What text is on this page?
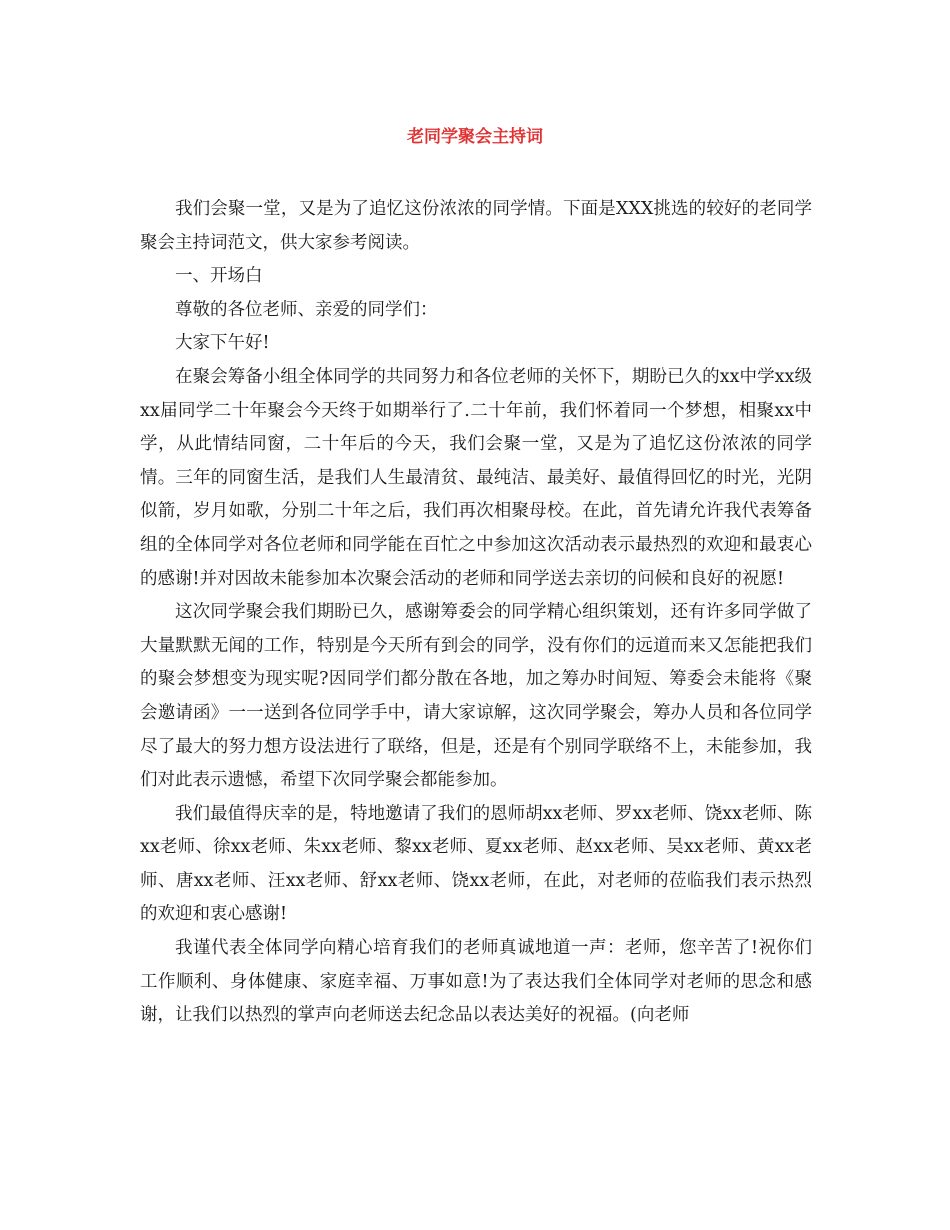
老同学聚会主持词

我们会聚一堂，又是为了追忆这份浓浓的同学情。下面是XXX挑选的较好的老同学聚会主持词范文，供大家参考阅读。

一、开场白

尊敬的各位老师、亲爱的同学们：

大家下午好!

在聚会筹备小组全体同学的共同努力和各位老师的关怀下，期盼已久的xx中学xx级xx届同学二十年聚会今天终于如期举行了.二十年前，我们怀着同一个梦想，相聚xx中学，从此情结同窗，二十年后的今天，我们会聚一堂，又是为了追忆这份浓浓的同学情。三年的同窗生活，是我们人生最清贫、最纯洁、最美好、最值得回忆的时光，光阴似箭，岁月如歌，分别二十年之后，我们再次相聚母校。在此，首先请允许我代表筹备组的全体同学对各位老师和同学能在百忙之中参加这次活动表示最热烈的欢迎和最衷心的感谢!并对因故未能参加本次聚会活动的老师和同学送去亲切的问候和良好的祝愿!

这次同学聚会我们期盼已久，感谢筹委会的同学精心组织策划，还有许多同学做了大量默默无闻的工作，特别是今天所有到会的同学，没有你们的远道而来又怎能把我们的聚会梦想变为现实呢?因同学们都分散在各地，加之筹办时间短、筹委会未能将《聚会邀请函》一一送到各位同学手中，请大家谅解，这次同学聚会，筹办人员和各位同学尽了最大的努力想方设法进行了联络，但是，还是有个别同学联络不上，未能参加，我们对此表示遗憾，希望下次同学聚会都能参加。

我们最值得庆幸的是，特地邀请了我们的恩师胡xx老师、罗xx老师、饶xx老师、陈xx老师、徐xx老师、朱xx老师、黎xx老师、夏xx老师、赵xx老师、吴xx老师、黄xx老师、唐xx老师、汪xx老师、舒xx老师、饶xx老师，在此，对老师的莅临我们表示热烈的欢迎和衷心感谢!

我谨代表全体同学向精心培育我们的老师真诚地道一声：老师，您辛苦了!祝你们工作顺利、身体健康、家庭幸福、万事如意!为了表达我们全体同学对老师的思念和感谢，让我们以热烈的掌声向老师送去纪念品以表达美好的祝福。(向老师
